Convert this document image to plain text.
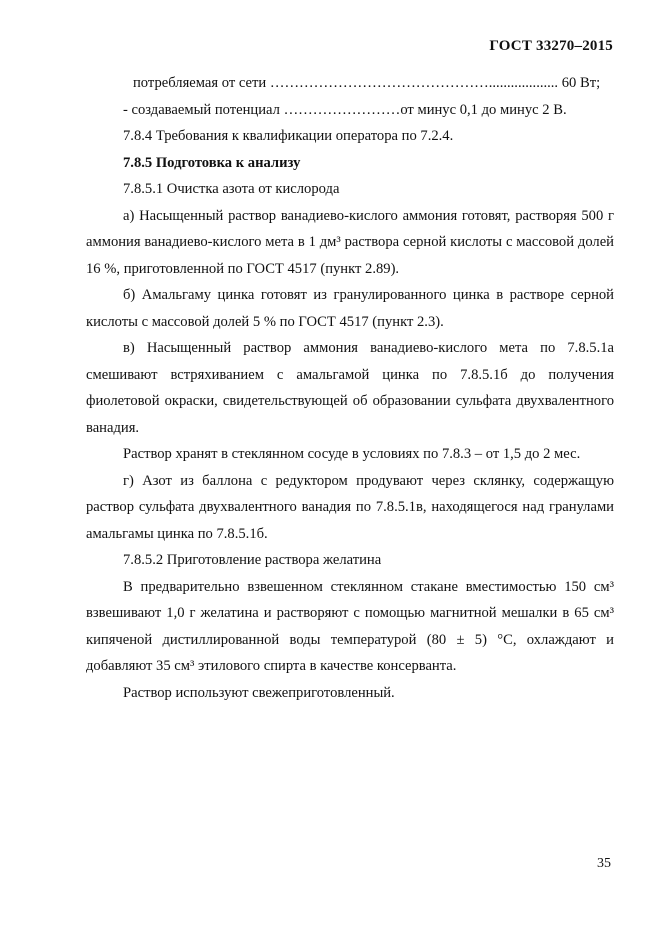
ГОСТ 33270–2015

потребляемая от сети ………………………………………................... 60 Вт;

- создаваемый потенциал ……………………от минус 0,1 до минус 2 В.

7.8.4 Требования к квалификации оператора по 7.2.4.

7.8.5 Подготовка к анализу

7.8.5.1 Очистка азота от кислорода

а) Насыщенный раствор ванадиево-кислого аммония готовят, растворяя 500 г аммония ванадиево-кислого мета в 1 дм³ раствора серной кислоты с массовой долей 16 %, приготовленной по ГОСТ 4517 (пункт 2.89).

б) Амальгаму цинка готовят из гранулированного цинка в растворе серной кислоты с массовой долей 5 % по ГОСТ 4517 (пункт 2.3).

в) Насыщенный раствор аммония ванадиево-кислого мета по 7.8.5.1а смешивают встряхиванием с амальгамой цинка по 7.8.5.1б до получения фиолетовой окраски, свидетельствующей об образовании сульфата двухвалентного ванадия.

Раствор хранят в стеклянном сосуде в условиях по 7.8.3 – от 1,5 до 2 мес.

г) Азот из баллона с редуктором продувают через склянку, содержащую раствор сульфата двухвалентного ванадия по 7.8.5.1в, находящегося над гранулами амальгамы цинка по 7.8.5.1б.

7.8.5.2 Приготовление раствора желатина

В предварительно взвешенном стеклянном стакане вместимостью 150 см³ взвешивают 1,0 г желатина и растворяют с помощью магнитной мешалки в 65 см³ кипяченой дистиллированной воды температурой (80 ± 5) °С, охлаждают и добавляют 35 см³ этилового спирта в качестве консерванта.

Раствор используют свежеприготовленный.

35
